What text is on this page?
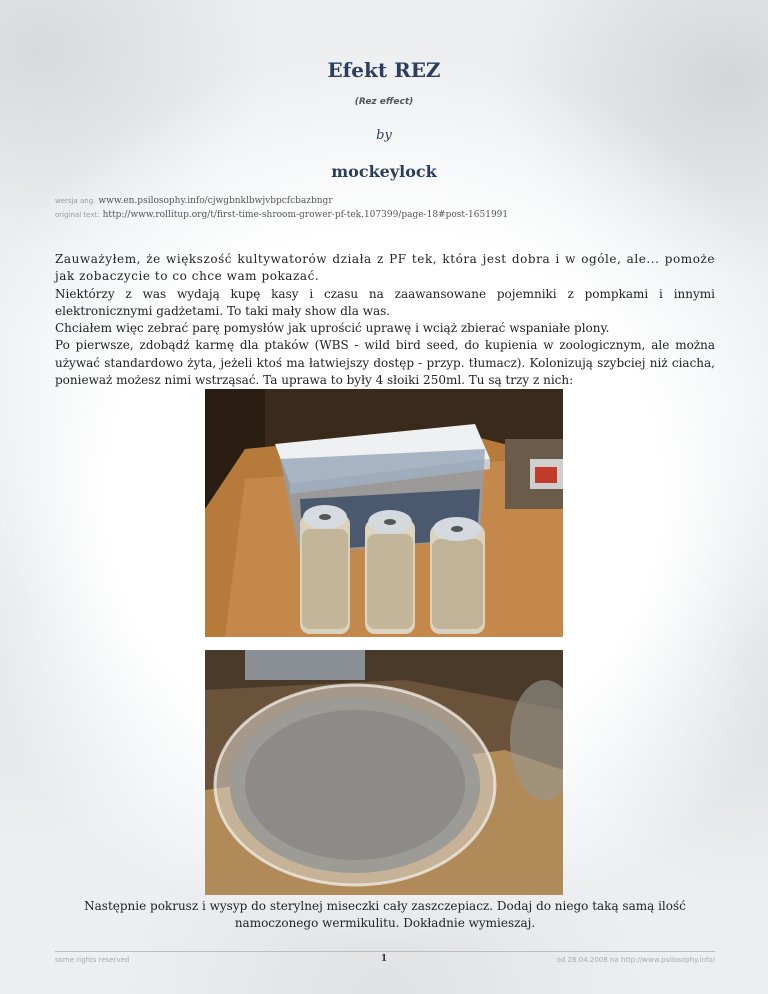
Efekt REZ
(Rez effect)
by
mockeylock
wersja ang. www.en.psilosophy.info/cjwgbnklbwjvbpcfcbazbngr
original text: http://www.rollitup.org/t/first-time-shroom-grower-pf-tek.107399/page-18#post-1651991

Zauważyłem, że większość kultywatorów działa z PF tek, która jest dobra i w ogóle, ale... pomoże jak zobaczycie to co chce wam pokazać.

Niektórzy z was wydają kupę kasy i czasu na zaawansowane pojemniki z pompkami i innymi elektronicznymi gadżetami. To taki mały show dla was.

Chciałem więc zebrać parę pomysłów jak uprościć uprawę i wciąż zbierać wspaniałe plony.

Po pierwsze, zdobądź karmę dla ptaków (WBS - wild bird seed, do kupienia w zoologicznym, ale można używać standardowo żyta, jeżeli ktoś ma łatwiejszy dostęp - przyp. tłumacz). Kolonizują szybciej niż ciacha, ponieważ możesz nimi wstrząsać. Ta uprawa to były 4 słoiki 250ml. Tu są trzy z nich:

Następnie pokrusz i wysyp do sterylnej miseczki cały zaszczepiacz. Dodaj do niego taką samą ilość namoczonego wermikulitu. Dokładnie wymieszaj.
some rights reserved	1	od 28.04.2008 na http://www.psilosophy.info/
